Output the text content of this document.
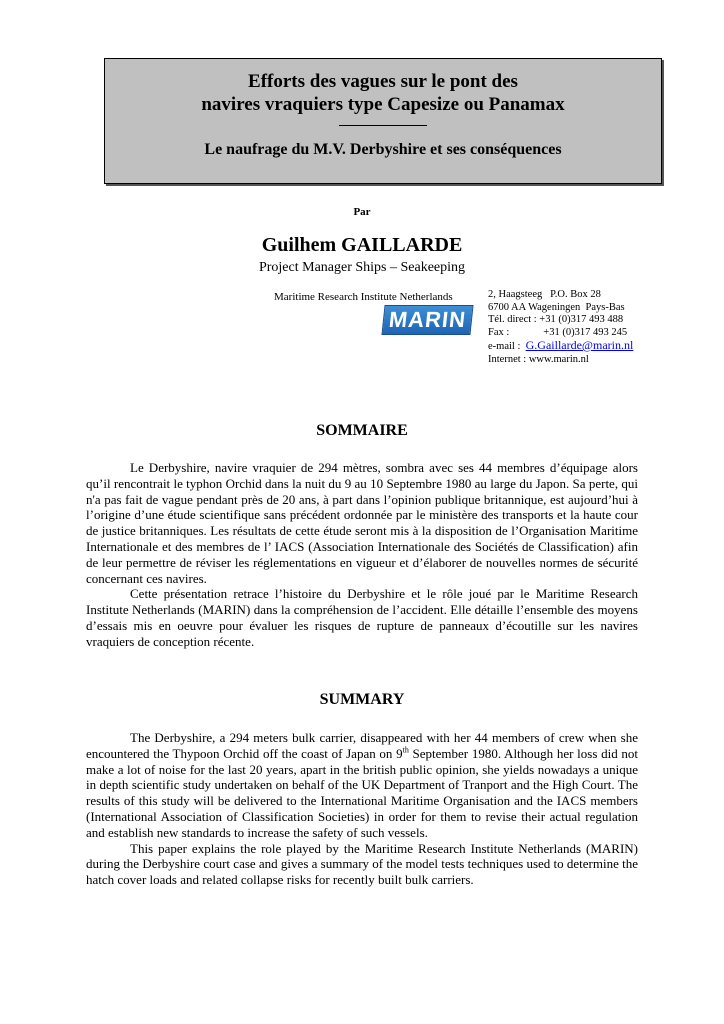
Efforts des vagues sur le pont des
navires vraquiers type Capesize ou Panamax
Le naufrage du M.V. Derbyshire et ses conséquences
Par
Guilhem GAILLARDE
Project Manager Ships – Seakeeping
Maritime Research Institute Netherlands
MARIN
2, Haagsteeg P.O. Box 28
6700 AA Wageningen Pays-Bas
Tél. direct : +31 (0)317 493 488
Fax :	+31 (0)317 493 245
e-mail : G.Gaillarde@marin.nl
Internet : www.marin.nl
SOMMAIRE

Le Derbyshire, navire vraquier de 294 mètres, sombra avec ses 44 membres d’équipage alors qu’il rencontrait le typhon Orchid dans la nuit du 9 au 10 Septembre 1980 au large du Japon. Sa perte, qui n'a pas fait de vague pendant près de 20 ans, à part dans l’opinion publique britannique, est aujourd’hui à l’origine d’une étude scientifique sans précédent ordonnée par le ministère des transports et la haute cour de justice britanniques. Les résultats de cette étude seront mis à la disposition de l’Organisation Maritime Internationale et des membres de l’ IACS (Association Internationale des Sociétés de Classification) afin de leur permettre de réviser les réglementations en vigueur et d’élaborer de nouvelles normes de sécurité concernant ces navires.

Cette présentation retrace l’histoire du Derbyshire et le rôle joué par le Maritime Research Institute Netherlands (MARIN) dans la compréhension de l’accident. Elle détaille l’ensemble des moyens d’essais mis en oeuvre pour évaluer les risques de rupture de panneaux d’écoutille sur les navires vraquiers de conception récente.

SUMMARY

The Derbyshire, a 294 meters bulk carrier, disappeared with her 44 members of crew when she encountered the Thypoon Orchid off the coast of Japan on 9th September 1980. Although her loss did not make a lot of noise for the last 20 years, apart in the british public opinion, she yields nowadays a unique in depth scientific study undertaken on behalf of the UK Department of Tranport and the High Court. The results of this study will be delivered to the International Maritime Organisation and the IACS members (International Association of Classification Societies) in order for them to revise their actual regulation and establish new standards to increase the safety of such vessels.

This paper explains the role played by the Maritime Research Institute Netherlands (MARIN) during the Derbyshire court case and gives a summary of the model tests techniques used to determine the hatch cover loads and related collapse risks for recently built bulk carriers.
